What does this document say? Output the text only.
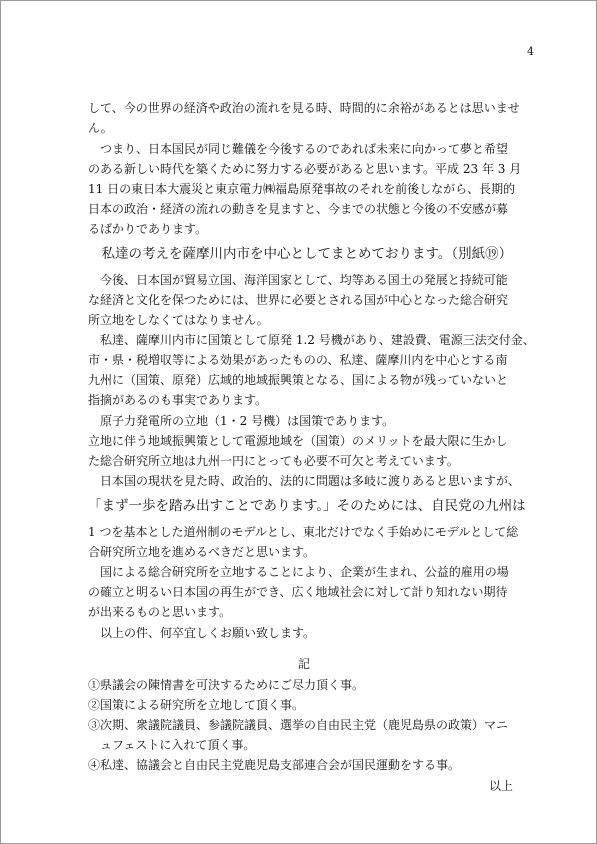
4
して、今の世界の経済や政治の流れを見る時、時間的に余裕があるとは思いませ
ん。
　つまり、日本国民が同じ難儀を今後するのであれば未来に向かって夢と希望
のある新しい時代を築くために努力する必要があると思います。平成 23 年 3 月
11 日の東日本大震災と東京電力㈱福島原発事故のそれを前後しながら、長期的
日本の政治・経済の流れの動きを見ますと、今までの状態と今後の不安感が募
るばかりであります。
　私達の考えを薩摩川内市を中心としてまとめております。（別紙⑲）
　今後、日本国が貿易立国、海洋国家として、均等ある国土の発展と持続可能
な経済と文化を保つためには、世界に必要とされる国が中心となった総合研究
所立地をしなくてはなりません。
　私達、薩摩川内市に国策として原発 1.2 号機があり、建設費、電源三法交付金、
市・県・税増収等による効果があったものの、私達、薩摩川内を中心とする南
九州に（国策、原発）広域的地域振興策となる、国による物が残っていないと
指摘があるのも事実であります。
　原子力発電所の立地（1・2 号機）は国策であります。
立地に伴う地域振興策として電源地域を（国策）のメリットを最大限に生かし
た総合研究所立地は九州一円にとっても必要不可欠と考えています。
　日本国の現状を見た時、政治的、法的に問題は多岐に渡りあると思いますが、
「まず一歩を踏み出すことであります。」そのためには、自民党の九州は
1 つを基本とした道州制のモデルとし、東北だけでなく手始めにモデルとして総
合研究所立地を進めるべきだと思います。
　国による総合研究所を立地することにより、企業が生まれ、公益的雇用の場
の確立と明るい日本国の再生ができ、広く地域社会に対して計り知れない期待
が出来るものと思います。
　以上の件、何卒宜しくお願い致します。
記
①県議会の陳情書を可決するためにご尽力頂く事。
②国策による研究所を立地して頂く事。
③次期、衆議院議員、参議院議員、選挙の自由民主党（鹿児島県の政策）マニ
　ュフェストに入れて頂く事。
④私達、協議会と自由民主党鹿児島支部連合会が国民運動をする事。
以上
